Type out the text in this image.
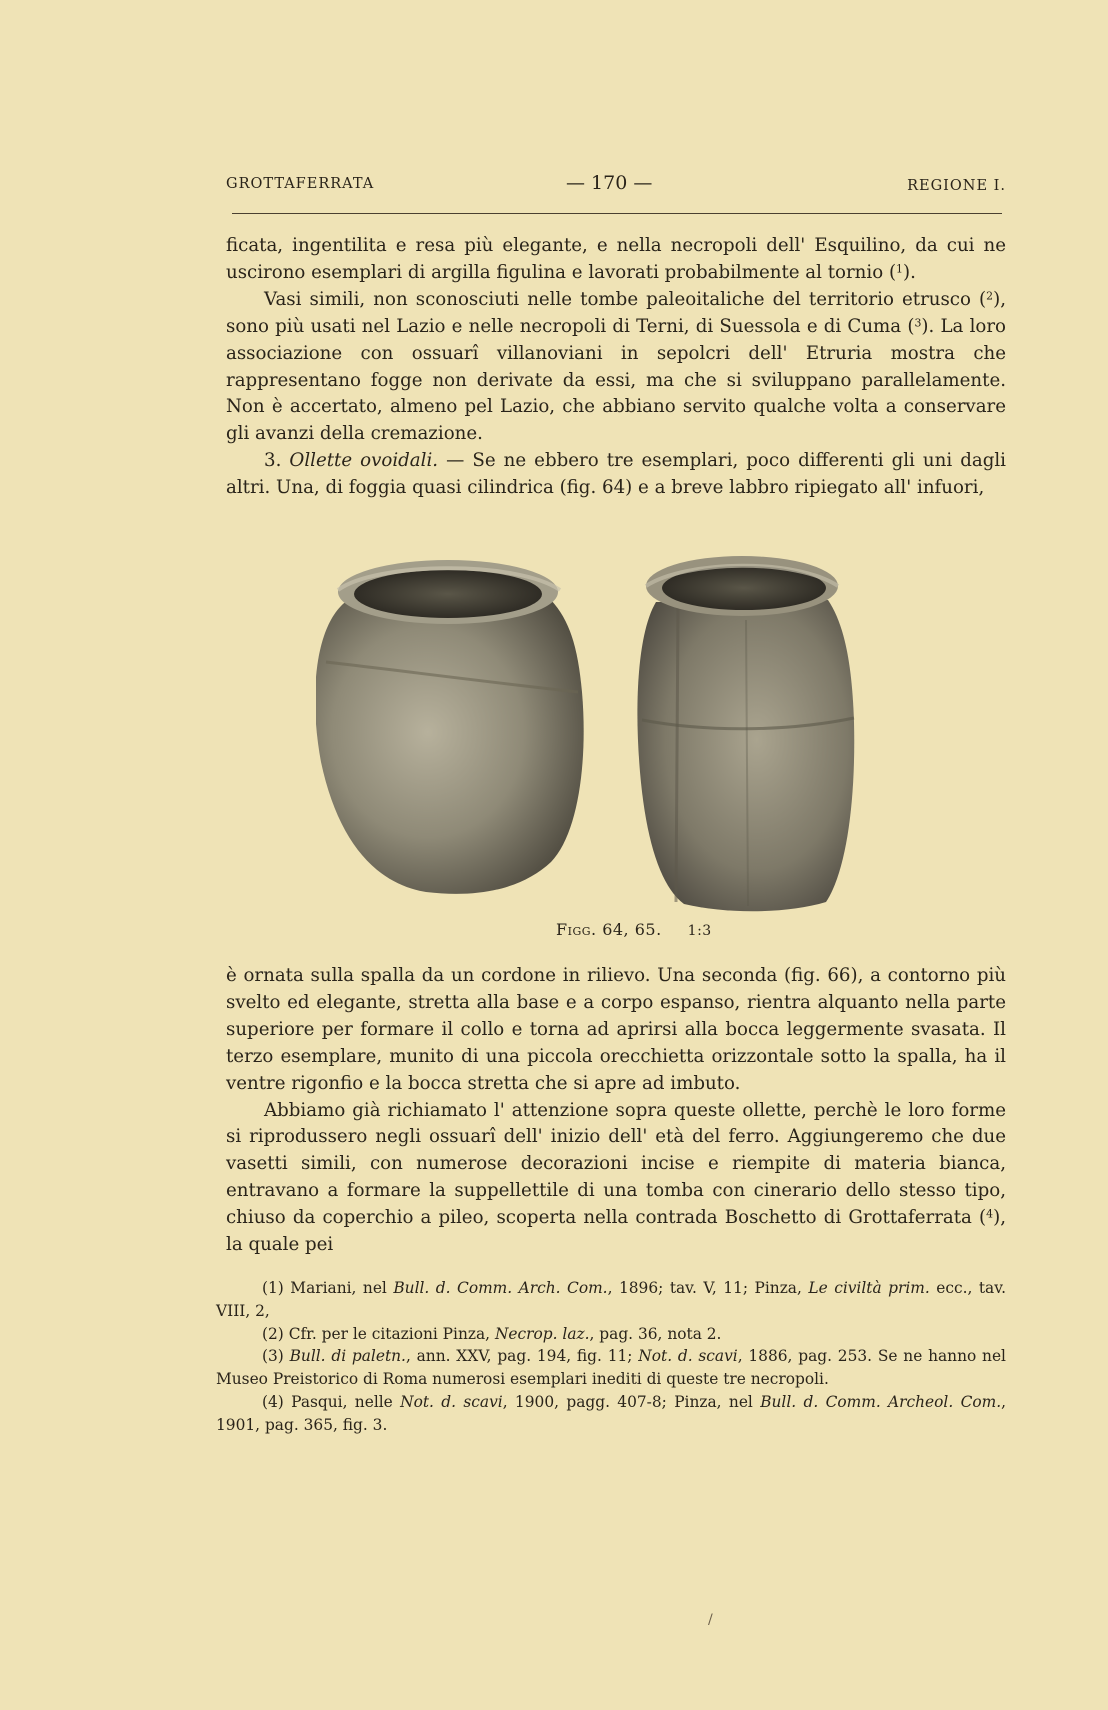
GROTTAFERRATA	— 170 —	REGIONE I.

ficata, ingentilita e resa più elegante, e nella necropoli dell' Esquilino, da cui ne uscirono esemplari di argilla figulina e lavorati probabilmente al tornio ($^1$).

Vasi simili, non sconosciuti nelle tombe paleoitaliche del territorio etrusco ($^2$), sono più usati nel Lazio e nelle necropoli di Terni, di Suessola e di Cuma ($^3$). La loro associazione con ossuarî villanoviani in sepolcri dell' Etruria mostra che rappresentano fogge non derivate da essi, ma che si sviluppano parallelamente. Non è accertato, almeno pel Lazio, che abbiano servito qualche volta a conservare gli avanzi della cremazione.

3. Ollette ovoidali. — Se ne ebbero tre esemplari, poco differenti gli uni dagli altri. Una, di foggia quasi cilindrica (fig. 64) e a breve labbro ripiegato all' infuori,

Figg. 64, 65. 1:3

è ornata sulla spalla da un cordone in rilievo. Una seconda (fig. 66), a contorno più svelto ed elegante, stretta alla base e a corpo espanso, rientra alquanto nella parte superiore per formare il collo e torna ad aprirsi alla bocca leggermente svasata. Il terzo esemplare, munito di una piccola orecchietta orizzontale sotto la spalla, ha il ventre rigonfio e la bocca stretta che si apre ad imbuto.

Abbiamo già richiamato l' attenzione sopra queste ollette, perchè le loro forme si riprodussero negli ossuarî dell' inizio dell' età del ferro. Aggiungeremo che due vasetti simili, con numerose decorazioni incise e riempite di materia bianca, entravano a formare la suppellettile di una tomba con cinerario dello stesso tipo, chiuso da coperchio a pileo, scoperta nella contrada Boschetto di Grottaferrata ($^4$), la quale pei

(1) Mariani, nel Bull. d. Comm. Arch. Com., 1896; tav. V, 11; Pinza, Le civiltà prim. ecc., tav. VIII, 2,

(2) Cfr. per le citazioni Pinza, Necrop. laz., pag. 36, nota 2.

(3) Bull. di paletn., ann. XXV, pag. 194, fig. 11; Not. d. scavi, 1886, pag. 253. Se ne hanno nel Museo Preistorico di Roma numerosi esemplari inediti di queste tre necropoli.

(4) Pasqui, nelle Not. d. scavi, 1900, pagg. 407-8; Pinza, nel Bull. d. Comm. Archeol. Com., 1901, pag. 365, fig. 3.

/
